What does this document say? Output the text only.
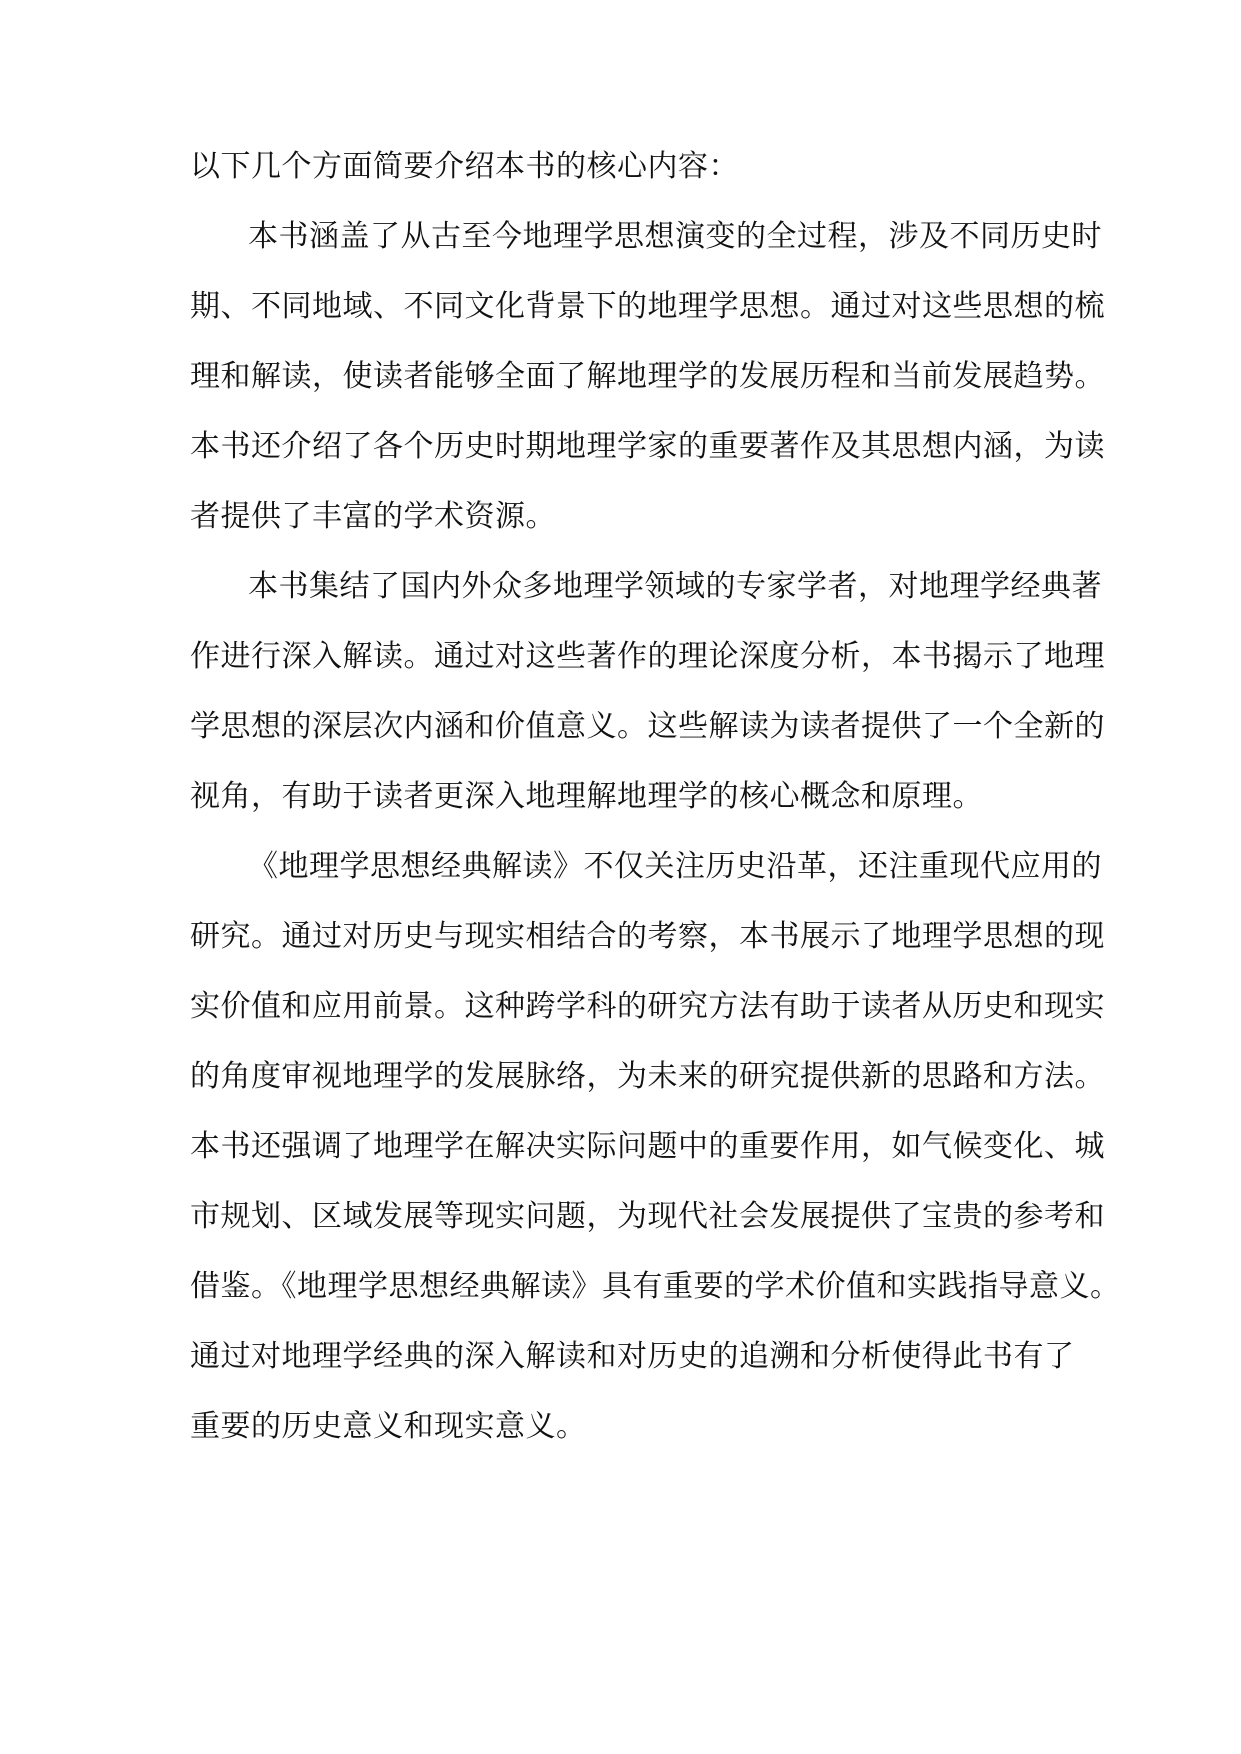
以下几个方面简要介绍本书的核心内容：
本书涵盖了从古至今地理学思想演变的全过程，涉及不同历史时
期、不同地域、不同文化背景下的地理学思想。通过对这些思想的梳
理和解读，使读者能够全面了解地理学的发展历程和当前发展趋势。
本书还介绍了各个历史时期地理学家的重要著作及其思想内涵，为读
者提供了丰富的学术资源。
本书集结了国内外众多地理学领域的专家学者，对地理学经典著
作进行深入解读。通过对这些著作的理论深度分析，本书揭示了地理
学思想的深层次内涵和价值意义。这些解读为读者提供了一个全新的
视角，有助于读者更深入地理解地理学的核心概念和原理。
《地理学思想经典解读》不仅关注历史沿革，还注重现代应用的
研究。通过对历史与现实相结合的考察，本书展示了地理学思想的现
实价值和应用前景。这种跨学科的研究方法有助于读者从历史和现实
的角度审视地理学的发展脉络，为未来的研究提供新的思路和方法。
本书还强调了地理学在解决实际问题中的重要作用，如气候变化、城
市规划、区域发展等现实问题，为现代社会发展提供了宝贵的参考和
借鉴。《地理学思想经典解读》具有重要的学术价值和实践指导意义。
通过对地理学经典的深入解读和对历史的追溯和分析使得此书有了
重要的历史意义和现实意义。
